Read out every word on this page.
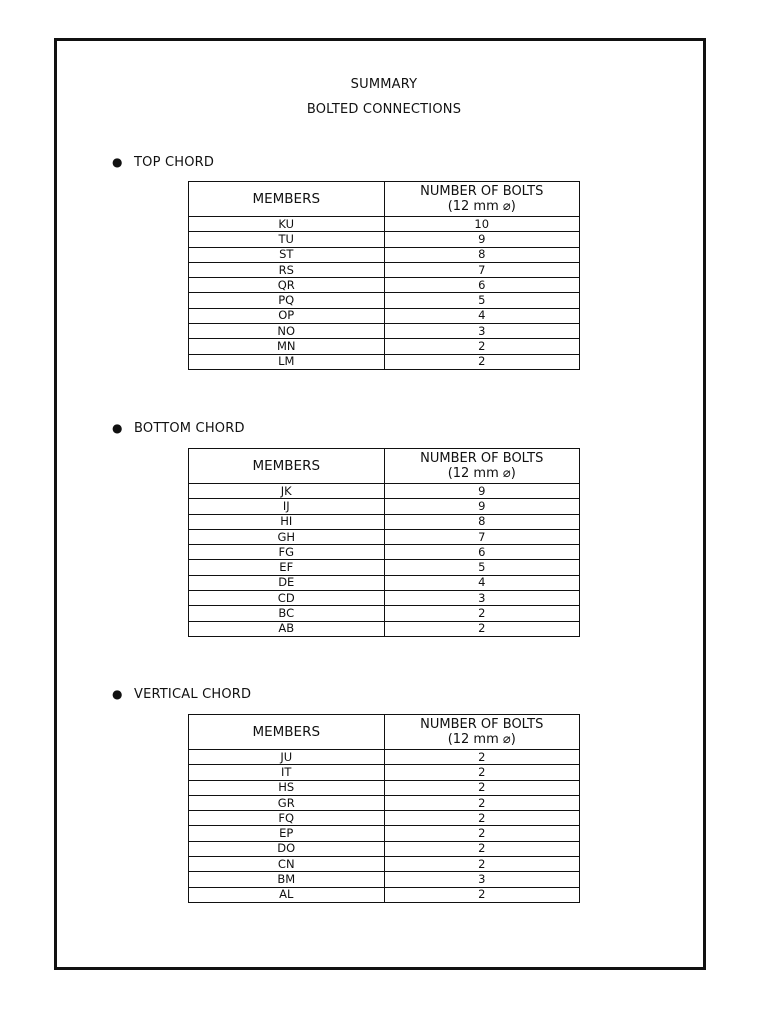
SUMMARY
BOLTED CONNECTIONS
● TOP CHORD
MEMBERS	NUMBER OF BOLTS
(12 mm ⌀)
KU	10
TU	9
ST	8
RS	7
QR	6
PQ	5
OP	4
NO	3
MN	2
LM	2
● BOTTOM CHORD
MEMBERS	NUMBER OF BOLTS
(12 mm ⌀)
JK	9
IJ	9
HI	8
GH	7
FG	6
EF	5
DE	4
CD	3
BC	2
AB	2
● VERTICAL CHORD
MEMBERS	NUMBER OF BOLTS
(12 mm ⌀)
JU	2
IT	2
HS	2
GR	2
FQ	2
EP	2
DO	2
CN	2
BM	3
AL	2
